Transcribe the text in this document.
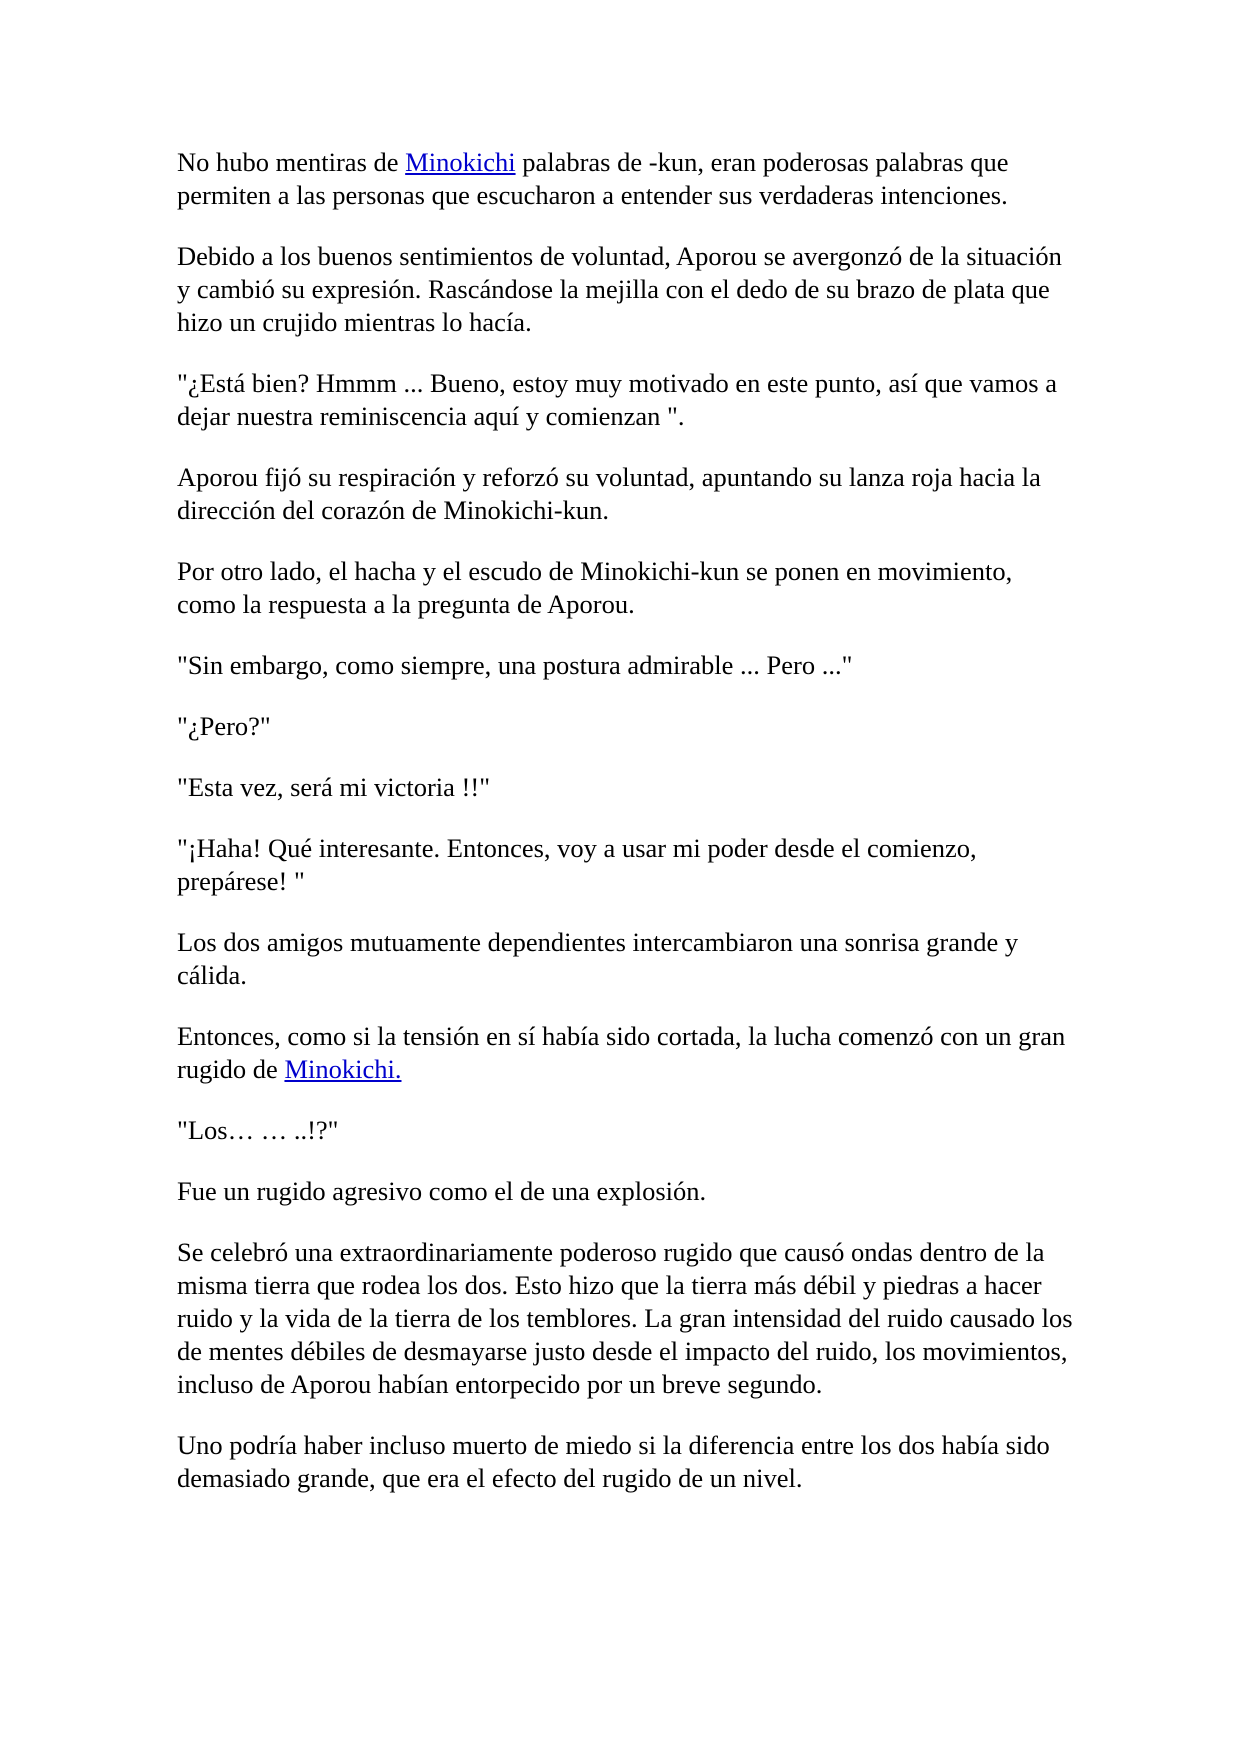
No hubo mentiras de Minokichi palabras de -kun, eran poderosas palabras que permiten a las personas que escucharon a entender sus verdaderas intenciones.

Debido a los buenos sentimientos de voluntad, Aporou se avergonzó de la situación y cambió su expresión. Rascándose la mejilla con el dedo de su brazo de plata que hizo un crujido mientras lo hacía.

"¿Está bien? Hmmm ... Bueno, estoy muy motivado en este punto, así que vamos a dejar nuestra reminiscencia aquí y comienzan ".

Aporou fijó su respiración y reforzó su voluntad, apuntando su lanza roja hacia la dirección del corazón de Minokichi-kun.

Por otro lado, el hacha y el escudo de Minokichi-kun se ponen en movimiento, como la respuesta a la pregunta de Aporou.

"Sin embargo, como siempre, una postura admirable ... Pero ..."

"¿Pero?"

"Esta vez, será mi victoria !!"

"¡Haha! Qué interesante. Entonces, voy a usar mi poder desde el comienzo, prepárese! "

Los dos amigos mutuamente dependientes intercambiaron una sonrisa grande y cálida.

Entonces, como si la tensión en sí había sido cortada, la lucha comenzó con un gran rugido de Minokichi.

"Los… … ..!?"

Fue un rugido agresivo como el de una explosión.

Se celebró una extraordinariamente poderoso rugido que causó ondas dentro de la misma tierra que rodea los dos. Esto hizo que la tierra más débil y piedras a hacer ruido y la vida de la tierra de los temblores. La gran intensidad del ruido causado los de mentes débiles de desmayarse justo desde el impacto del ruido, los movimientos, incluso de Aporou habían entorpecido por un breve segundo.

Uno podría haber incluso muerto de miedo si la diferencia entre los dos había sido demasiado grande, que era el efecto del rugido de un nivel.
